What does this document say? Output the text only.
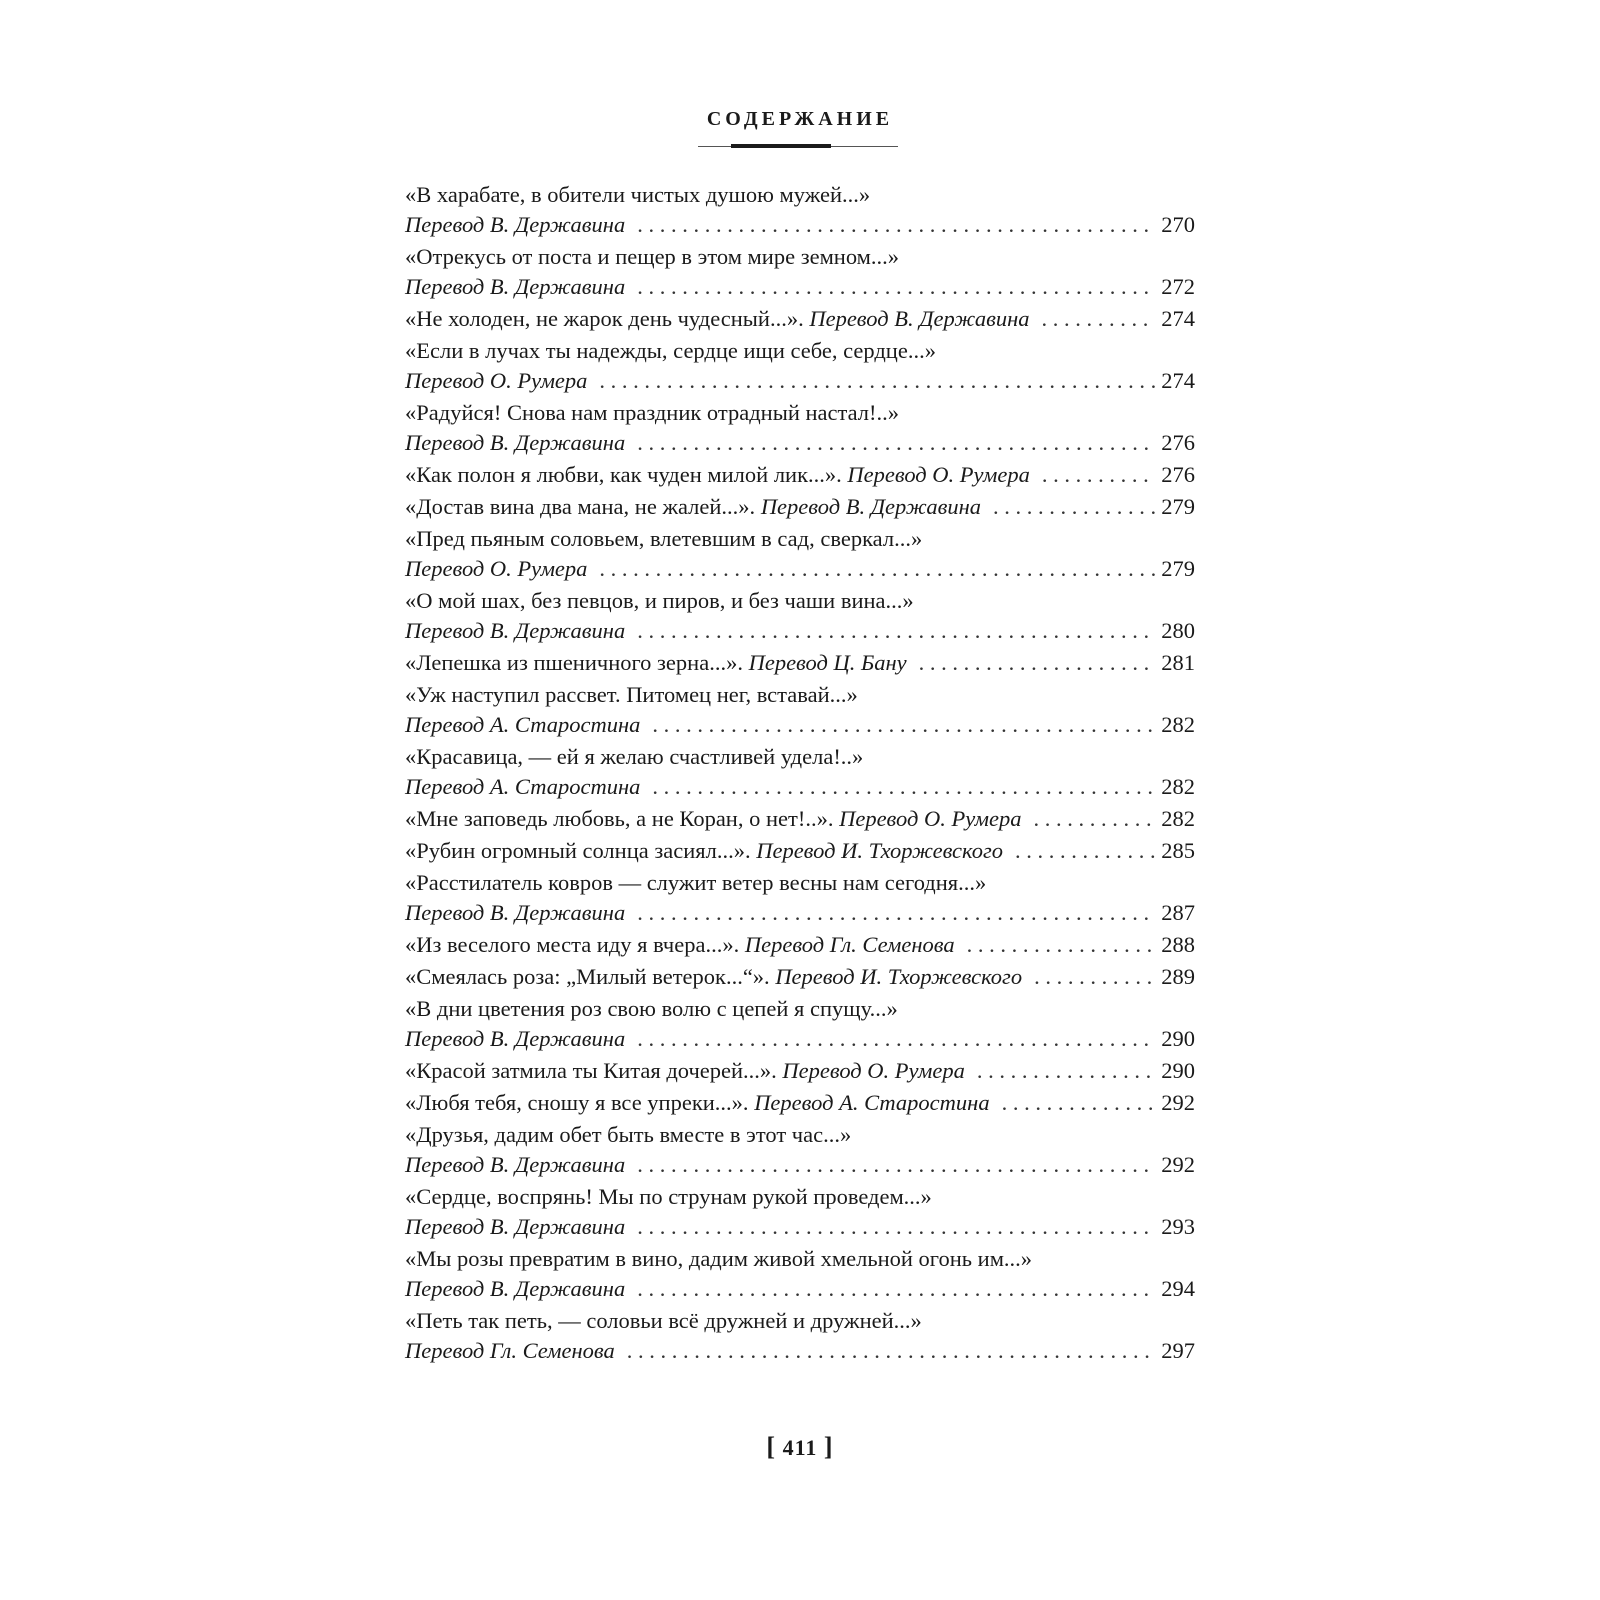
СОДЕРЖАНИЕ
«В харабате, в обители чистых душою мужей...»
Перевод В. Державина . . .	270
«Отрекусь от поста и пещер в этом мире земном...»
Перевод В. Державина . . .	272
«Не холоден, не жарок день чудесный...».
Перевод В. Державина . . .	274
«Если в лучах ты надежды, сердце ищи себе, сердце...»
Перевод О. Румера . . .	274
«Радуйся! Снова нам праздник отрадный настал!..»
Перевод В. Державина . . .	276
«Как полон я любви, как чуден милой лик...».
Перевод О. Румера . . .	276
«Достав вина два мана, не жалей...».
Перевод В. Державина . . .	279
«Пред пьяным соловьем, влетевшим в сад, сверкал...»
Перевод О. Румера . . .	279
«О мой шах, без певцов, и пиров, и без чаши вина...»
Перевод В. Державина . . .	280
«Лепешка из пшеничного зерна...».
Перевод Ц. Бану . . .	281
«Уж наступил рассвет. Питомец нег, вставай...»
Перевод А. Старостина . . .	282
«Красавица, — ей я желаю счастливей удела!..»
Перевод А. Старостина . . .	282
«Мне заповедь любовь, а не Коран, о нет!..».
Перевод О. Румера . . .	282
«Рубин огромный солнца засиял...».
Перевод И. Тхоржевского . . .	285
«Расстилатель ковров — служит ветер весны нам сегодня...»
Перевод В. Державина . . .	287
«Из веселого места иду я вчера...».
Перевод Гл. Семенова . . .	288
«Смеялась роза: „Милый ветерок...“».
Перевод И. Тхоржевского . . .	289
«В дни цветения роз свою волю с цепей я спущу...»
Перевод В. Державина . . .	290
«Красой затмила ты Китая дочерей...».
Перевод О. Румера . . .	290
«Любя тебя, сношу я все упреки...».
Перевод А. Старостина . . .	292
«Друзья, дадим обет быть вместе в этот час...»
Перевод В. Державина . . .	292
«Сердце, воспрянь! Мы по струнам рукой проведем...»
Перевод В. Державина . . .	293
«Мы розы превратим в вино, дадим живой хмельной огонь им...»
Перевод В. Державина . . .	294
«Петь так петь, — соловьи всё дружней и дружней...»
Перевод Гл. Семенова . . .	297
[ 411 ]
